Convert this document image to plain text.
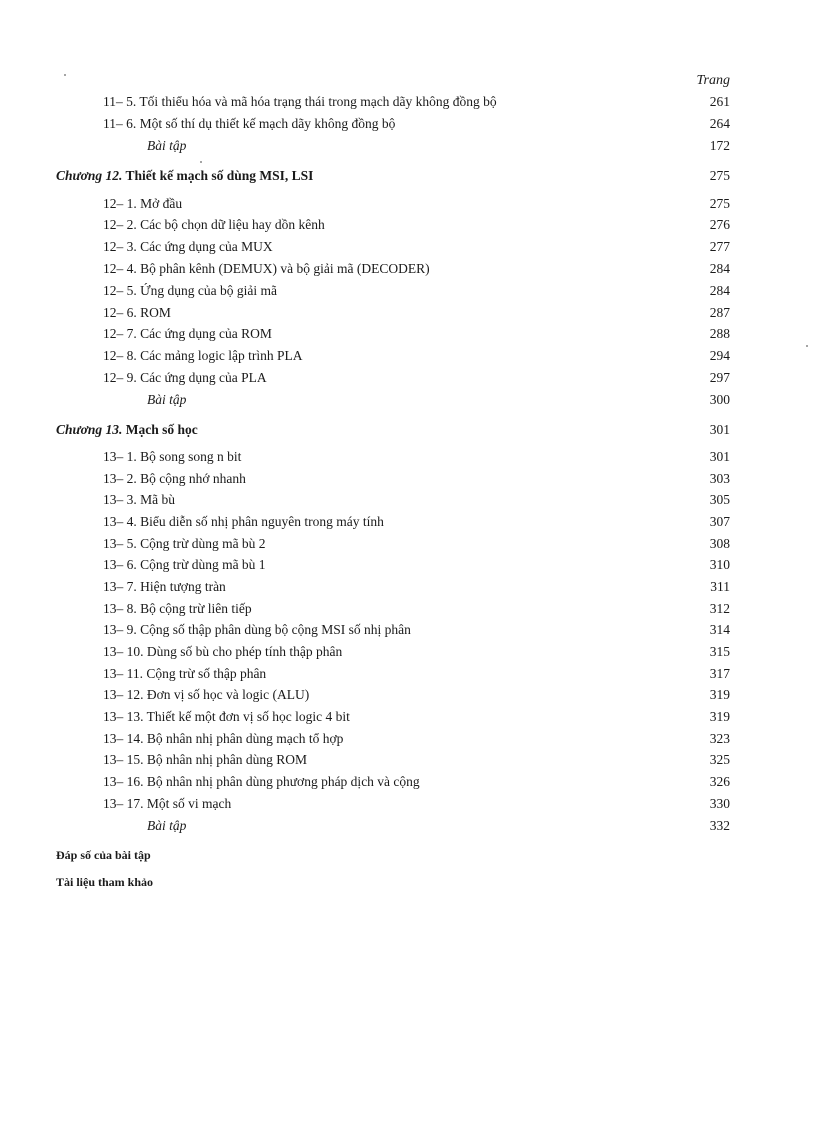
Trang
11– 5. Tối thiểu hóa và mã hóa trạng thái trong mạch dãy không đồng bộ	261
11– 6. Một số thí dụ thiết kế mạch dãy không đồng bộ	264
Bài tập	172
Chương 12. Thiết kế mạch số dùng MSI, LSI	275
12– 1. Mở đầu	275
12– 2. Các bộ chọn dữ liệu hay dồn kênh	276
12– 3. Các ứng dụng của MUX	277
12– 4. Bộ phân kênh (DEMUX) và bộ giải mã (DECODER)	284
12– 5. Ứng dụng của bộ giải mã	284
12– 6. ROM	287
12– 7. Các ứng dụng của ROM	288
12– 8. Các mảng logic lập trình PLA	294
12– 9. Các ứng dụng của PLA	297
Bài tập	300
Chương 13. Mạch số học	301
13– 1. Bộ song song n bit	301
13– 2. Bộ cộng nhớ nhanh	303
13– 3. Mã bù	305
13– 4. Biểu diễn số nhị phân nguyên trong máy tính	307
13– 5. Cộng trừ dùng mã bù 2	308
13– 6. Cộng trừ dùng mã bù 1	310
13– 7. Hiện tượng tràn	311
13– 8. Bộ cộng trừ liên tiếp	312
13– 9. Cộng số thập phân dùng bộ cộng MSI số nhị phân	314
13– 10. Dùng số bù cho phép tính thập phân	315
13– 11. Cộng trừ số thập phân	317
13– 12. Đơn vị số học và logic (ALU)	319
13– 13. Thiết kế một đơn vị số học logic 4 bit	319
13– 14. Bộ nhân nhị phân dùng mạch tổ hợp	323
13– 15. Bộ nhân nhị phân dùng ROM	325
13– 16. Bộ nhân nhị phân dùng phương pháp dịch và cộng	326
13– 17. Một số vi mạch	330
Bài tập	332
Đáp số của bài tập
Tài liệu tham khảo
